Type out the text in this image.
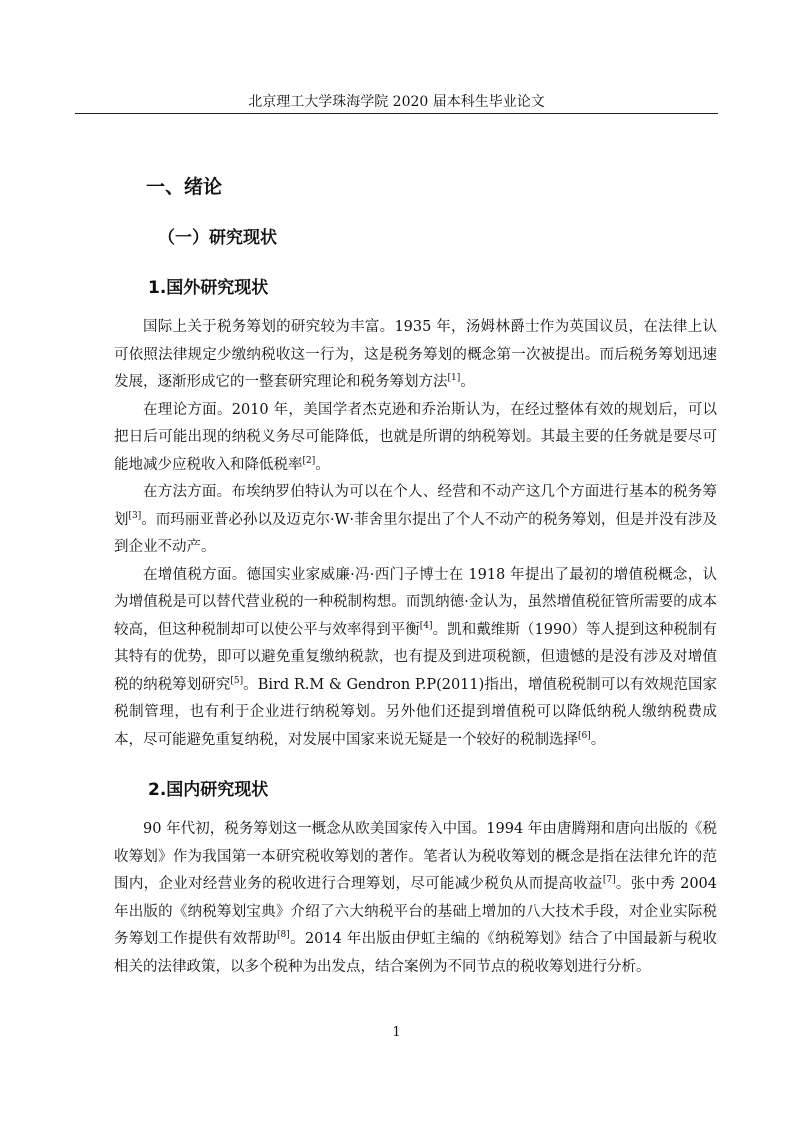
北京理工大学珠海学院 2020 届本科生毕业论文
一、绪论
（一）研究现状
1.国外研究现状

国际上关于税务筹划的研究较为丰富。1935 年，汤姆林爵士作为英国议员，在法律上认可依照法律规定少缴纳税收这一行为，这是税务筹划的概念第一次被提出。而后税务筹划迅速发展，逐渐形成它的一整套研究理论和税务筹划方法[1]。

在理论方面。2010 年，美国学者杰克逊和乔治斯认为，在经过整体有效的规划后，可以把日后可能出现的纳税义务尽可能降低，也就是所谓的纳税筹划。其最主要的任务就是要尽可能地减少应税收入和降低税率[2]。

在方法方面。布埃纳罗伯特认为可以在个人、经营和不动产这几个方面进行基本的税务筹划[3]。而玛丽亚普必孙以及迈克尔·W·菲舍里尔提出了个人不动产的税务筹划，但是并没有涉及到企业不动产。

在增值税方面。德国实业家威廉·冯·西门子博士在 1918 年提出了最初的增值税概念，认为增值税是可以替代营业税的一种税制构想。而凯纳德·金认为，虽然增值税征管所需要的成本较高，但这种税制却可以使公平与效率得到平衡[4]。凯和戴维斯（1990）等人提到这种税制有其特有的优势，即可以避免重复缴纳税款，也有提及到进项税额，但遗憾的是没有涉及对增值税的纳税筹划研究[5]。Bird R.M & Gendron P.P(2011)指出，增值税税制可以有效规范国家税制管理，也有利于企业进行纳税筹划。另外他们还提到增值税可以降低纳税人缴纳税费成本，尽可能避免重复纳税，对发展中国家来说无疑是一个较好的税制选择[6]。

2.国内研究现状

90 年代初，税务筹划这一概念从欧美国家传入中国。1994 年由唐腾翔和唐向出版的《税收筹划》作为我国第一本研究税收筹划的著作。笔者认为税收筹划的概念是指在法律允许的范围内，企业对经营业务的税收进行合理筹划，尽可能减少税负从而提高收益[7]。张中秀 2004 年出版的《纳税筹划宝典》介绍了六大纳税平台的基础上增加的八大技术手段，对企业实际税务筹划工作提供有效帮助[8]。2014 年出版由伊虹主编的《纳税筹划》结合了中国最新与税收相关的法律政策，以多个税种为出发点，结合案例为不同节点的税收筹划进行分析。

1
